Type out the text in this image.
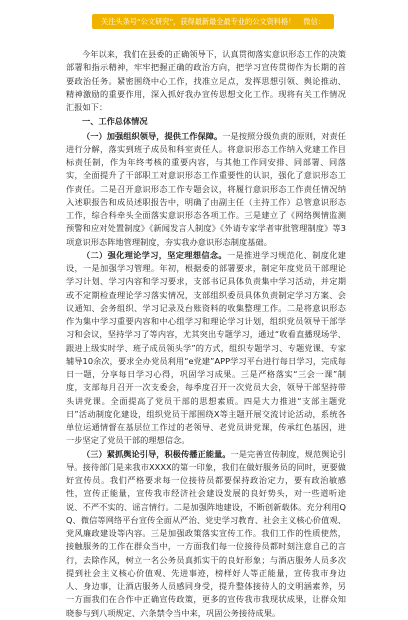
关注头条号“公文研究”，获得最新最全最专业的公文资料格！	微信：

今年以来，我们在县委的正确领导下，认真贯彻落实意识形态工作的决策部署和指示精神，牢牢把握正确的政治方向，把学习宣传贯彻作为长期的首要政治任务。紧密围绕中心工作，找准立足点，发挥思想引领、舆论推动、精神激励的重要作用，深入抓好我办宣传思想文化工作。现将有关工作情况汇报如下：

一、工作总体情况

（一）加强组织领导，提供工作保障。一是按照分级负责的原则，对责任进行分解，落实到班子成员和科室责任人。将意识形态工作纳入党建工作目标责任制，作为年终考核的重要内容，与其他工作同安排、同部署、同落实，全面提升了干部职工对意识形态工作重要性的认识，强化了意识形态工作责任。二是召开意识形态工作专题会议，将履行意识形态工作责任情况纳入述职报告和成员述职报告中，明确了由副主任（主持工作）总管意识形态工作，综合科牵头全面落实意识形态各项工作。三是建立了《网络舆情监测预警和应对处置制度》《新闻发言人制度》《外请专家学者审批管理制度》等3项意识形态阵地管理制度，夯实我办意识形态制度基础。

（二）强化理论学习，坚定理想信念。一是推进学习规范化、制度化建设，一是加强学习管理。年初，根据委的部署要求，制定年度党员干部理论学习计划、学习内容和学习要求，支部书记具体负责集中学习活动，并定期或不定期检查理论学习落实情况，支部组织委员具体负责制定学习方案、会议通知、会务组织、学习记录及台账资料的收集整理工作。二是将意识形态作为集中学习重要内容和中心组学习和理论学习计划，组织党员领导干部学习和会议，坚持学习了等内容，尤其突出专题学习，通过“收看直播现场学、跟进上级实时学、班子成员领头学”的方式，组织专题学习、专题党课、专家辅导10余次，要求全办党员利用“e党建”APP学习平台进行每日学习，完成每日一题，分享每日学习心得，巩固学习成果。三是严格落实“三会一课”制度，支部每月召开一次支委会，每季度召开一次党员大会，领导干部坚持带头讲党课。全面提高了党员干部的思想素质。四是大力推进“支部主题党日”活动制度化建设，组织党员干部围绕X等主题开展交流讨论活动，系统各单位运通情督在基层位工作过的老领导、老党员讲党课，传承红色基因，进一步坚定了党员干部的理想信念。

（三）紧抓舆论引导，积极传播正能量。一是完善宣传制度，规范舆论引导。接待部门是来我市XXXX的第一印象，我们在做好服务员的同时，更要做好宣传员。我们严格要求每一位接待员都要保持政治定力，要有政治敏感性，宣传正能量，宣传我市经济社会建设发展的良好势头，对一些道听途说、不严不实的、谣言情行。二是加强阵地建设，不断创新载体。充分利用QQ、微信等网络平台宣传全面从严治、党史学习教育、社会主义核心价值观、党风廉政建设等内容。三是加强政策落实宣传工作。我们工作的性质使然，接触服务的工作在群众当中，一方面我们每一位接待员都时刻注意自己的言行，去除作风，树立一名公务员真抓实干的良好形象；与酒店服务人员多次提到社会主义核心价值观、先进事迹，榜样好人等正能量，宣传我市身边人、身边事，让酒店服务人员感同身受，提升整体接待人的文明涵素养，另一方面我们在合作中正确宣传政策，更多的宣传我市我现状成果，让群众知晓参与到八项规定、六条禁令当中来，巩固公务接待成果。
